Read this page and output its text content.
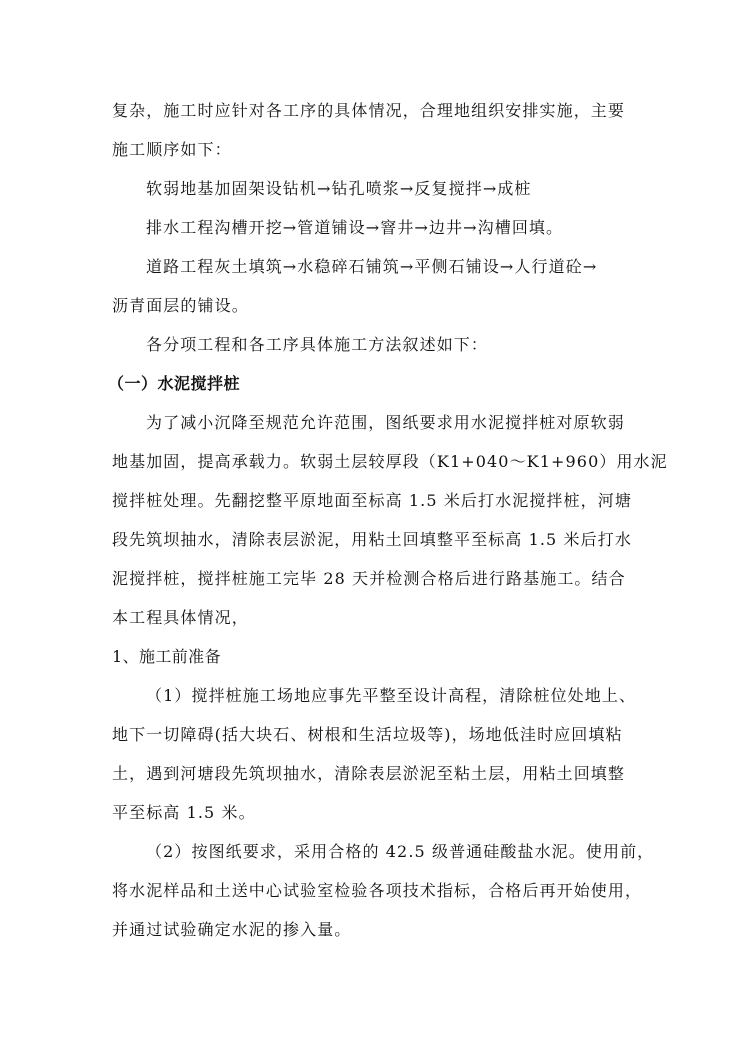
复杂，施工时应针对各工序的具体情况，合理地组织安排实施，主要
施工顺序如下：
软弱地基加固架设钻机→钻孔喷浆→反复搅拌→成桩
排水工程沟槽开挖→管道铺设→窨井→边井→沟槽回填。
道路工程灰土填筑→水稳碎石铺筑→平侧石铺设→人行道砼→
沥青面层的铺设。
各分项工程和各工序具体施工方法叙述如下：
（一）水泥搅拌桩
为了减小沉降至规范允许范围，图纸要求用水泥搅拌桩对原软弱
地基加固，提高承载力。软弱土层较厚段（K1+040～K1+960）用水泥
搅拌桩处理。先翻挖整平原地面至标高 1.5 米后打水泥搅拌桩，河塘
段先筑坝抽水，清除表层淤泥，用粘土回填整平至标高 1.5 米后打水
泥搅拌桩，搅拌桩施工完毕 28 天并检测合格后进行路基施工。结合
本工程具体情况，
1、施工前准备
（1）搅拌桩施工场地应事先平整至设计高程，清除桩位处地上、
地下一切障碍(括大块石、树根和生活垃圾等)，场地低洼时应回填粘
土，遇到河塘段先筑坝抽水，清除表层淤泥至粘土层，用粘土回填整
平至标高 1.5 米。
（2）按图纸要求，采用合格的 42.5 级普通硅酸盐水泥。使用前，
将水泥样品和土送中心试验室检验各项技术指标，合格后再开始使用，
并通过试验确定水泥的掺入量。
